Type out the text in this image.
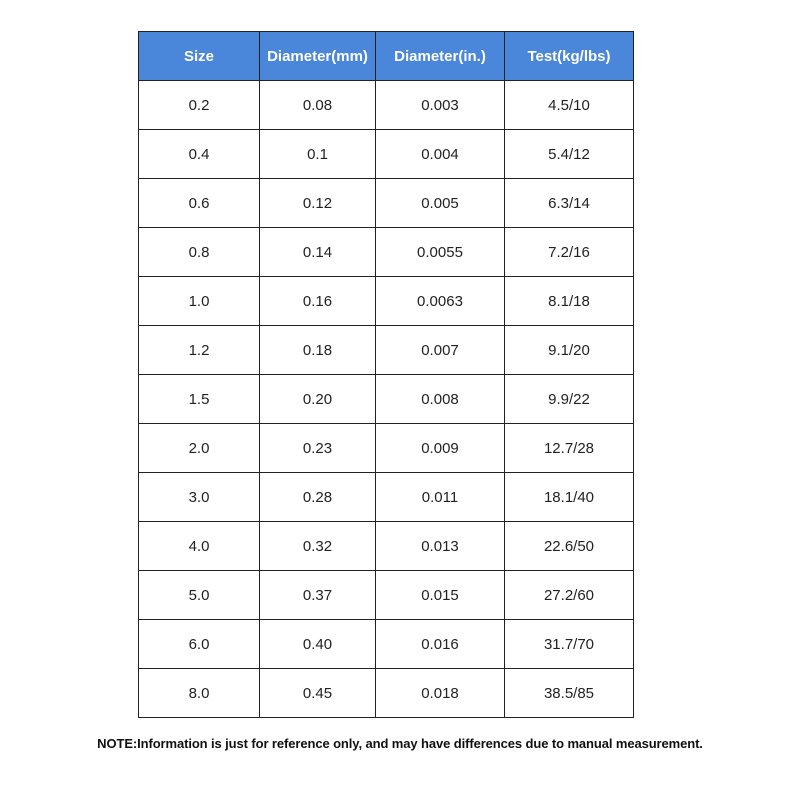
Size	Diameter(mm)	Diameter(in.)	Test(kg/lbs)
0.2	0.08	0.003	4.5/10
0.4	0.1	0.004	5.4/12
0.6	0.12	0.005	6.3/14
0.8	0.14	0.0055	7.2/16
1.0	0.16	0.0063	8.1/18
1.2	0.18	0.007	9.1/20
1.5	0.20	0.008	9.9/22
2.0	0.23	0.009	12.7/28
3.0	0.28	0.011	18.1/40
4.0	0.32	0.013	22.6/50
5.0	0.37	0.015	27.2/60
6.0	0.40	0.016	31.7/70
8.0	0.45	0.018	38.5/85
NOTE:Information is just for reference only, and may have differences due to manual measurement.
